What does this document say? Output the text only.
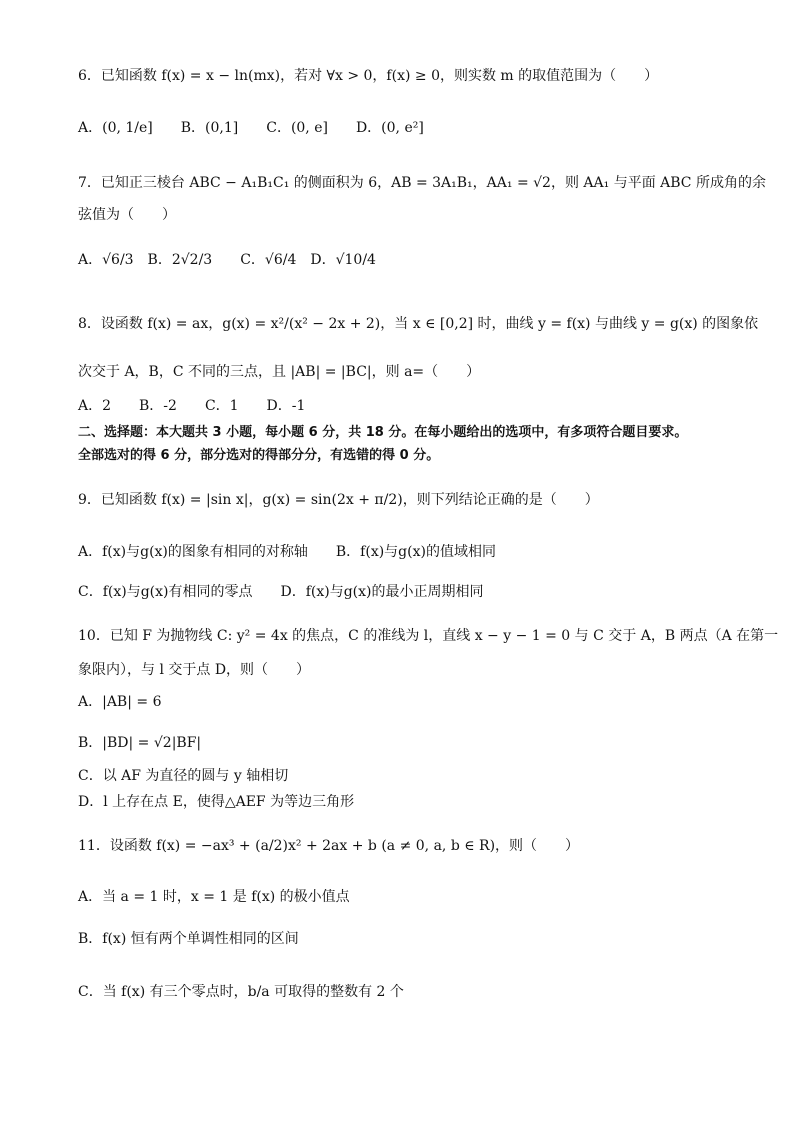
6．已知函数 f(x) = x − ln(mx)，若对 ∀x > 0，f(x) ≥ 0，则实数 m 的取值范围为（　　）
A．(0, 1/e]　　B．(0,1]　　C．(0, e]　　D．(0, e²]
7．已知正三棱台 ABC − A₁B₁C₁ 的侧面积为 6，AB = 3A₁B₁，AA₁ = √2，则 AA₁ 与平面 ABC 所成角的余
弦值为（　　）
A．√6/3　B．2√2/3　　C．√6/4　D．√10/4
8．设函数 f(x) = ax，g(x) = x²/(x² − 2x + 2)，当 x ∈ [0,2] 时，曲线 y = f(x) 与曲线 y = g(x) 的图象依
次交于 A，B，C 不同的三点，且 |AB| = |BC|，则 a=（　　）
A．2　　B．-2　　C．1　　D．-1
二、选择题：本大题共 3 小题，每小题 6 分，共 18 分。在每小题给出的选项中，有多项符合题目要求。
全部选对的得 6 分，部分选对的得部分分，有选错的得 0 分。
9．已知函数 f(x) = |sin x|，g(x) = sin(2x + π/2)，则下列结论正确的是（　　）
A．f(x)与g(x)的图象有相同的对称轴　　B．f(x)与g(x)的值域相同
C．f(x)与g(x)有相同的零点　　D．f(x)与g(x)的最小正周期相同
10．已知 F 为抛物线 C: y² = 4x 的焦点，C 的准线为 l，直线 x − y − 1 = 0 与 C 交于 A，B 两点（A 在第一
象限内），与 l 交于点 D，则（　　）
A．|AB| = 6
B．|BD| = √2|BF|
C．以 AF 为直径的圆与 y 轴相切
D．l 上存在点 E，使得△AEF 为等边三角形
11．设函数 f(x) = −ax³ + (a/2)x² + 2ax + b (a ≠ 0, a, b ∈ R)，则（　　）
A．当 a = 1 时，x = 1 是 f(x) 的极小值点
B．f(x) 恒有两个单调性相同的区间
C．当 f(x) 有三个零点时，b/a 可取得的整数有 2 个
